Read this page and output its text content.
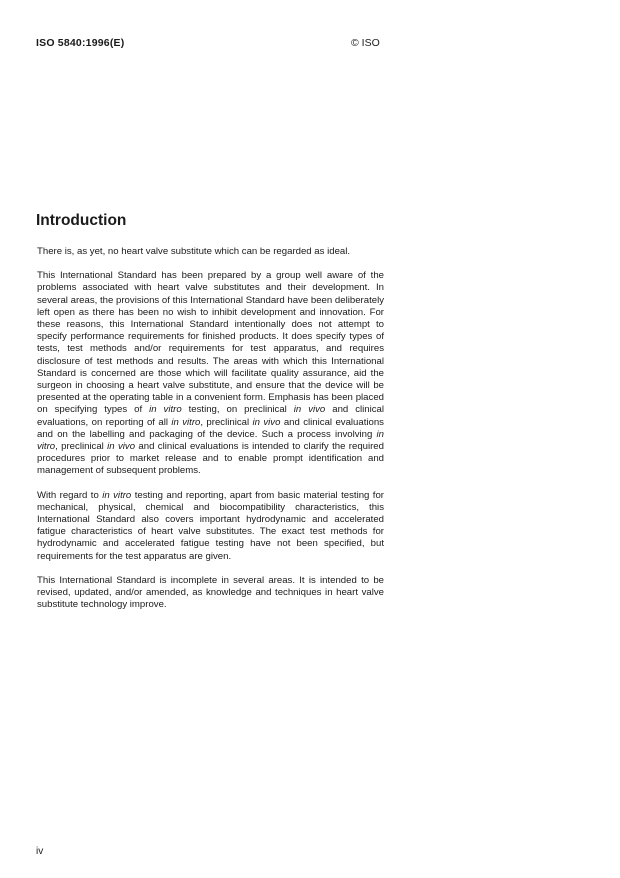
ISO 5840:1996(E)	© ISO
Introduction

There is, as yet, no heart valve substitute which can be regarded as ideal.

This International Standard has been prepared by a group well aware of the problems associated with heart valve substitutes and their development. In several areas, the provisions of this International Standard have been deliberately left open as there has been no wish to inhibit development and innovation. For these reasons, this International Standard intentionally does not attempt to specify performance requirements for finished products. It does specify types of tests, test methods and/or requirements for test apparatus, and requires disclosure of test methods and results. The areas with which this International Standard is concerned are those which will facilitate quality assurance, aid the surgeon in choosing a heart valve substitute, and ensure that the device will be presented at the operating table in a convenient form. Emphasis has been placed on specifying types of in vitro testing, on preclinical in vivo and clinical evaluations, on reporting of all in vitro, preclinical in vivo and clinical evaluations and on the labelling and packaging of the device. Such a process involving in vitro, preclinical in vivo and clinical evaluations is intended to clarify the required procedures prior to market release and to enable prompt identification and management of subsequent problems.

With regard to in vitro testing and reporting, apart from basic material testing for mechanical, physical, chemical and biocompatibility characteristics, this International Standard also covers important hydrodynamic and accelerated fatigue characteristics of heart valve substitutes. The exact test methods for hydrodynamic and accelerated fatigue testing have not been specified, but requirements for the test apparatus are given.

This International Standard is incomplete in several areas. It is intended to be revised, updated, and/or amended, as knowledge and techniques in heart valve substitute technology improve.

iv
